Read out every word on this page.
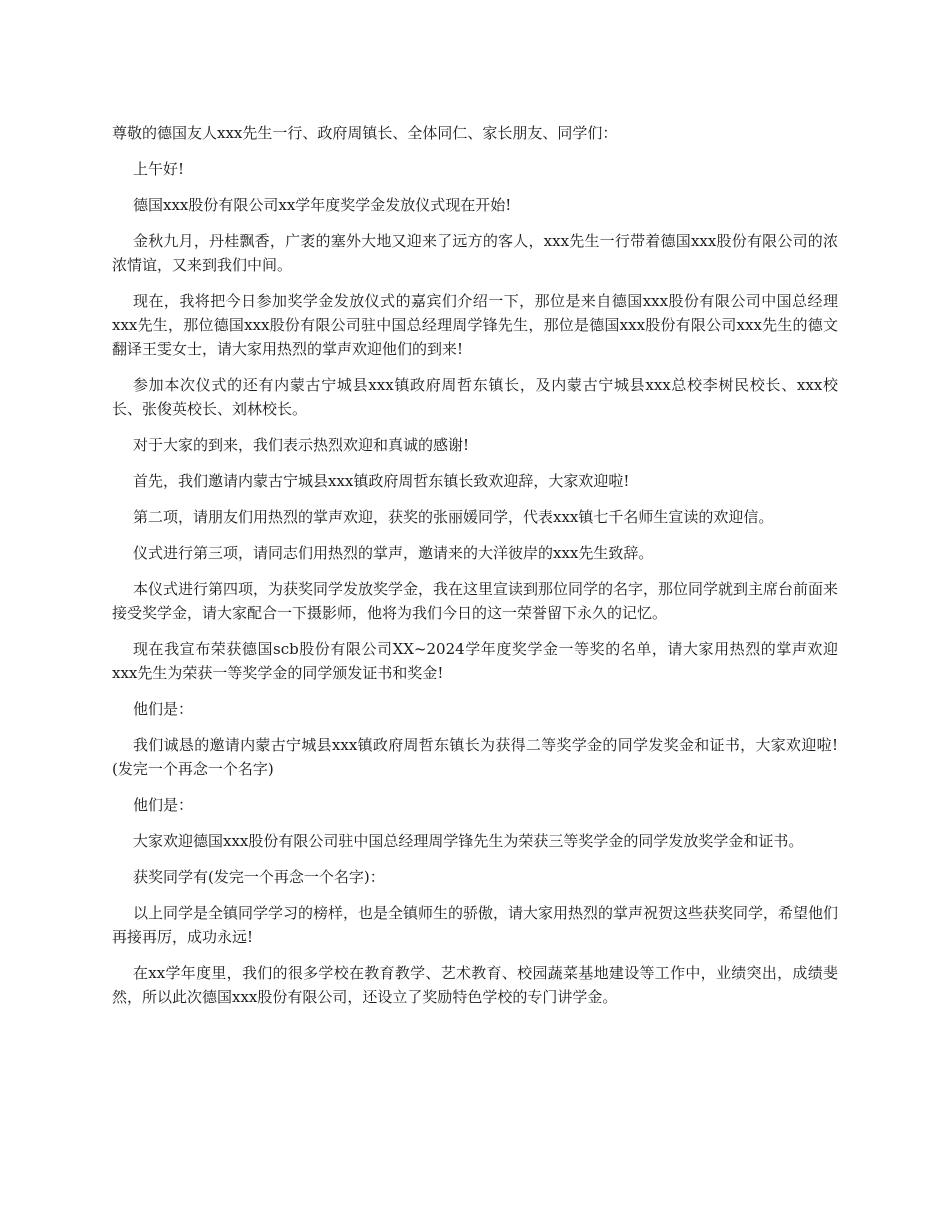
尊敬的德国友人xxx先生一行、政府周镇长、全体同仁、家长朋友、同学们：

上午好!

德国xxx股份有限公司xx学年度奖学金发放仪式现在开始!

金秋九月，丹桂飘香，广袤的塞外大地又迎来了远方的客人，xxx先生一行带着德国xxx股份有限公司的浓浓情谊，又来到我们中间。

现在，我将把今日参加奖学金发放仪式的嘉宾们介绍一下，那位是来自德国xxx股份有限公司中国总经理xxx先生，那位德国xxx股份有限公司驻中国总经理周学锋先生，那位是德国xxx股份有限公司xxx先生的德文翻译王雯女士，请大家用热烈的掌声欢迎他们的到来!

参加本次仪式的还有内蒙古宁城县xxx镇政府周哲东镇长，及内蒙古宁城县xxx总校李树民校长、xxx校长、张俊英校长、刘林校长。

对于大家的到来，我们表示热烈欢迎和真诚的感谢!

首先，我们邀请内蒙古宁城县xxx镇政府周哲东镇长致欢迎辞，大家欢迎啦!

第二项，请朋友们用热烈的掌声欢迎，获奖的张丽媛同学，代表xxx镇七千名师生宣读的欢迎信。

仪式进行第三项，请同志们用热烈的掌声，邀请来的大洋彼岸的xxx先生致辞。

本仪式进行第四项，为获奖同学发放奖学金，我在这里宣读到那位同学的名字，那位同学就到主席台前面来接受奖学金，请大家配合一下摄影师，他将为我们今日的这一荣誉留下永久的记忆。

现在我宣布荣获德国scb股份有限公司XX~2024学年度奖学金一等奖的名单，请大家用热烈的掌声欢迎xxx先生为荣获一等奖学金的同学颁发证书和奖金!

他们是：

我们诚恳的邀请内蒙古宁城县xxx镇政府周哲东镇长为获得二等奖学金的同学发奖金和证书，大家欢迎啦!(发完一个再念一个名字)

他们是：

大家欢迎德国xxx股份有限公司驻中国总经理周学锋先生为荣获三等奖学金的同学发放奖学金和证书。

获奖同学有(发完一个再念一个名字)：

以上同学是全镇同学学习的榜样，也是全镇师生的骄傲，请大家用热烈的掌声祝贺这些获奖同学，希望他们再接再厉，成功永远!

在xx学年度里，我们的很多学校在教育教学、艺术教育、校园蔬菜基地建设等工作中，业绩突出，成绩斐然，所以此次德国xxx股份有限公司，还设立了奖励特色学校的专门讲学金。
